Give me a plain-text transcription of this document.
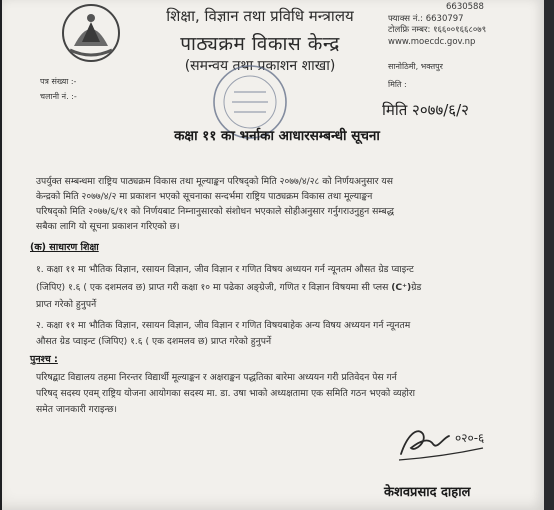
शिक्षा, विज्ञान तथा प्रविधि मन्त्रालय
पाठ्यक्रम विकास केन्द्र
(समन्वय तथा प्रकाशन शाखा)
6630588
फ्याक्स नं.: 6630797
टोलफ्रि नम्बर: १६६००१६६८०७९
www.moecdc.gov.np
पत्र संख्या :-
चलानी नं. :-
सानोठिमी, भक्तपुर
मिति :
मिति २०७७/६/२
कक्षा ११ का भर्नाका आधारसम्बन्धी सूचना
उपर्युक्त सम्बन्धमा राष्ट्रिय पाठ्यक्रम विकास तथा मूल्याङ्कन परिषद्को मिति २०७७/४/२८ को निर्णयअनुसार यस
केन्द्रको मिति २०७७/४/२ मा प्रकाशन भएको सूचनाका सन्दर्भमा राष्ट्रिय पाठ्यक्रम विकास तथा मूल्याङ्कन
परिषद्को मिति २०७७/६/११ को निर्णयबाट निम्नानुसारको संशोधन भएकाले सोहीअनुसार गर्नुगराउनुहुन सम्बद्ध
सबैका लागि यो सूचना प्रकाशन गरिएको छ।
(क) साधारण शिक्षा
१. कक्षा ११ मा भौतिक विज्ञान, रसायन विज्ञान, जीव विज्ञान र गणित विषय अध्ययन गर्न न्यूनतम औसत ग्रेड प्वाइन्ट
(जिपिए) १.६ ( एक दशमलव छ) प्राप्त गरी कक्षा १० मा पढेका अङ्ग्रेजी, गणित र विज्ञान विषयमा सी प्लस (C⁺)ग्रेड
प्राप्त गरेको हुनुपर्ने
२. कक्षा ११ मा भौतिक विज्ञान, रसायन विज्ञान, जीव विज्ञान र गणित विषयबाहेक अन्य विषय अध्ययन गर्न न्यूनतम
औसत ग्रेड प्वाइन्ट (जिपिए) १.६ ( एक दशमलव छ) प्राप्त गरेको हुनुपर्ने
पुनश्च :
परिषद्बाट विद्यालय तहमा निरन्तर विद्यार्थी मूल्याङ्कन र अक्षराङ्कन पद्धतिका बारेमा अध्ययन गरी प्रतिवेदन पेस गर्न
परिषद् सदस्य एवम् राष्ट्रिय योजना आयोगका सदस्य मा. डा. उषा भाको अध्यक्षतामा एक समिति गठन भएको व्यहोरा
समेत जानकारी गराइन्छ।
०२०-६
केशवप्रसाद दाहाल
